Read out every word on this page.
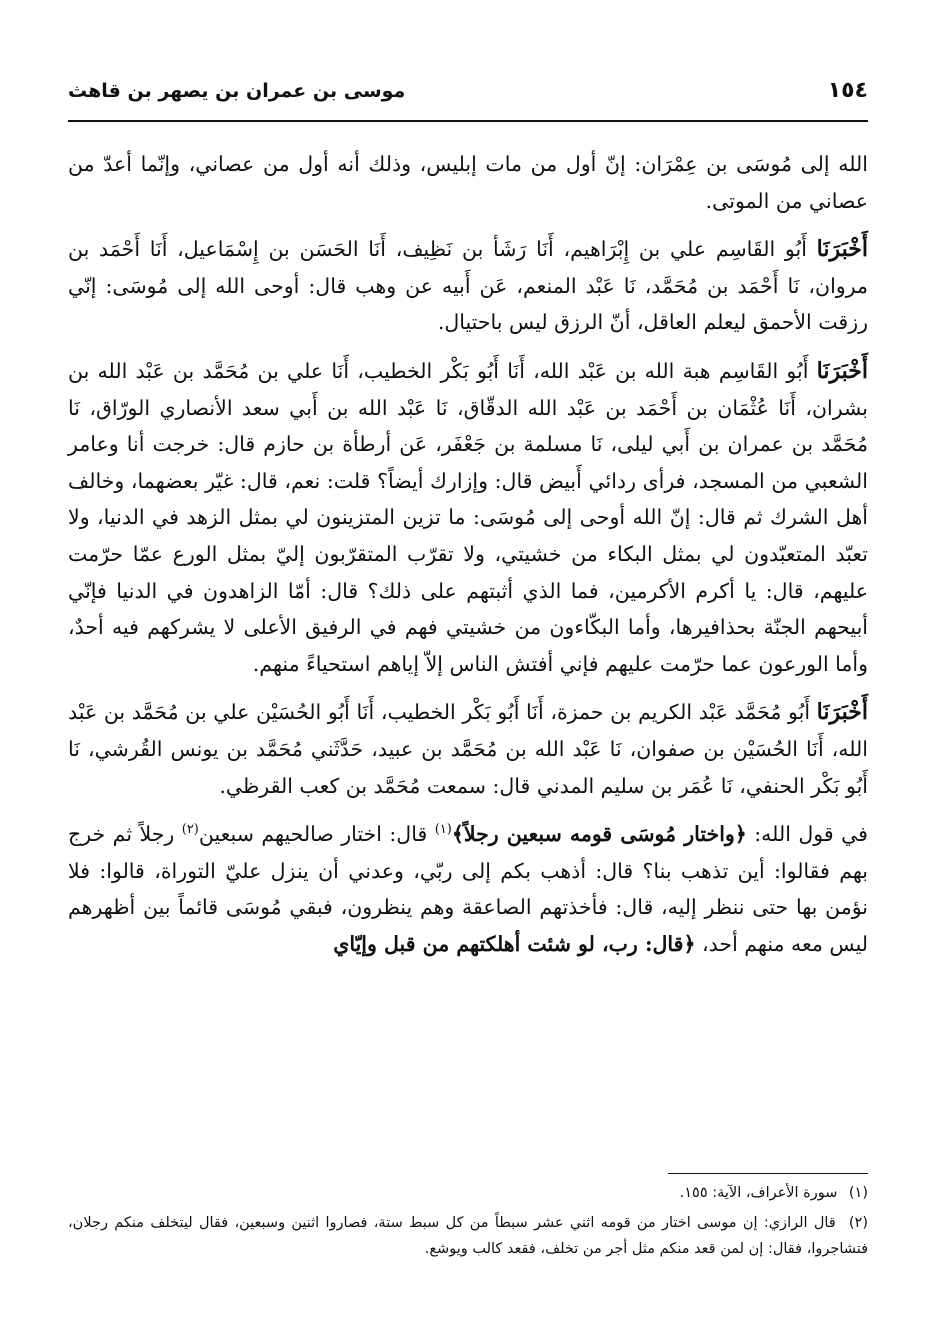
١٥٤
موسى بن عمران بن يصهر بن قاهث

الله إلى مُوسَى بن عِمْرَان: إنّ أول من مات إبليس، وذلك أنه أول من عصاني، وإنّما أعدّ من عصاني من الموتى.

أَخْبَرَنَا أَبُو القَاسِم علي بن إِبْرَاهيم، أَنَا رَشَأ بن نَظِيف، أَنَا الحَسَن بن إِسْمَاعيل، أَنَا أَحْمَد بن مروان، نَا أَحْمَد بن مُحَمَّد، نَا عَبْد المنعم، عَن أَبيه عن وهب قال: أوحى الله إلى مُوسَى: إنّي رزقت الأحمق ليعلم العاقل، أنّ الرزق ليس باحتيال.

أَخْبَرَنَا أَبُو القَاسِم هبة الله بن عَبْد الله، أَنَا أَبُو بَكْر الخطيب، أَنَا علي بن مُحَمَّد بن عَبْد الله بن بشران، أَنَا عُثْمَان بن أَحْمَد بن عَبْد الله الدقّاق، نَا عَبْد الله بن أَبي سعد الأنصاري الورّاق، نَا مُحَمَّد بن عمران بن أَبي ليلى، نَا مسلمة بن جَعْفَر، عَن أرطأة بن حازم قال: خرجت أنا وعامر الشعبي من المسجد، فرأى ردائي أَبيض قال: وإزارك أيضاً؟ قلت: نعم، قال: غيّر بعضهما، وخالف أهل الشرك ثم قال: إنّ الله أوحى إلى مُوسَى: ما تزين المتزينون لي بمثل الزهد في الدنيا، ولا تعبّد المتعبّدون لي بمثل البكاء من خشيتي، ولا تقرّب المتقرّبون إليّ بمثل الورع عمّا حرّمت عليهم، قال: يا أكرم الأكرمين، فما الذي أثبتهم على ذلك؟ قال: أمّا الزاهدون في الدنيا فإنّي أبيحهم الجنّة بحذافيرها، وأما البكّاءون من خشيتي فهم في الرفيق الأعلى لا يشركهم فيه أحدٌ، وأما الورعون عما حرّمت عليهم فإني أفتش الناس إلاّ إياهم استحياءً منهم.

أَخْبَرَنَا أَبُو مُحَمَّد عَبْد الكريم بن حمزة، أَنَا أَبُو بَكْر الخطيب، أَنَا أَبُو الحُسَيْن علي بن مُحَمَّد بن عَبْد الله، أَنَا الحُسَيْن بن صفوان، نَا عَبْد الله بن مُحَمَّد بن عبيد، حَدَّثَني مُحَمَّد بن يونس القُرشي، نَا أَبُو بَكْر الحنفي، نَا عُمَر بن سليم المدني قال: سمعت مُحَمَّد بن كعب القرظي.

في قول الله: ﴿واختار مُوسَى قومه سبعين رجلاً﴾$^{(١)}$ قال: اختار صالحيهم سبعين$^{(٢)}$ رجلاً ثم خرج بهم فقالوا: أين تذهب بنا؟ قال: أذهب بكم إلى ربّي، وعدني أن ينزل عليّ التوراة، قالوا: فلا نؤمن بها حتى ننظر إليه، قال: فأخذتهم الصاعقة وهم ينظرون، فبقي مُوسَى قائماً بين أظهرهم ليس معه منهم أحد، ﴿قال: رب، لو شئت أهلكتهم من قبل وإيّاي

(١) سورة الأعراف، الآية: ١٥٥.

(٢) قال الرازي: إن موسى اختار من قومه اثني عشر سبطاً من كل سبط ستة، فصاروا اثنين وسبعين، فقال ليتخلف منكم رجلان، فتشاجروا، فقال: إن لمن قعد منكم مثل أجر من تخلف، فقعد كالب ويوشع.
